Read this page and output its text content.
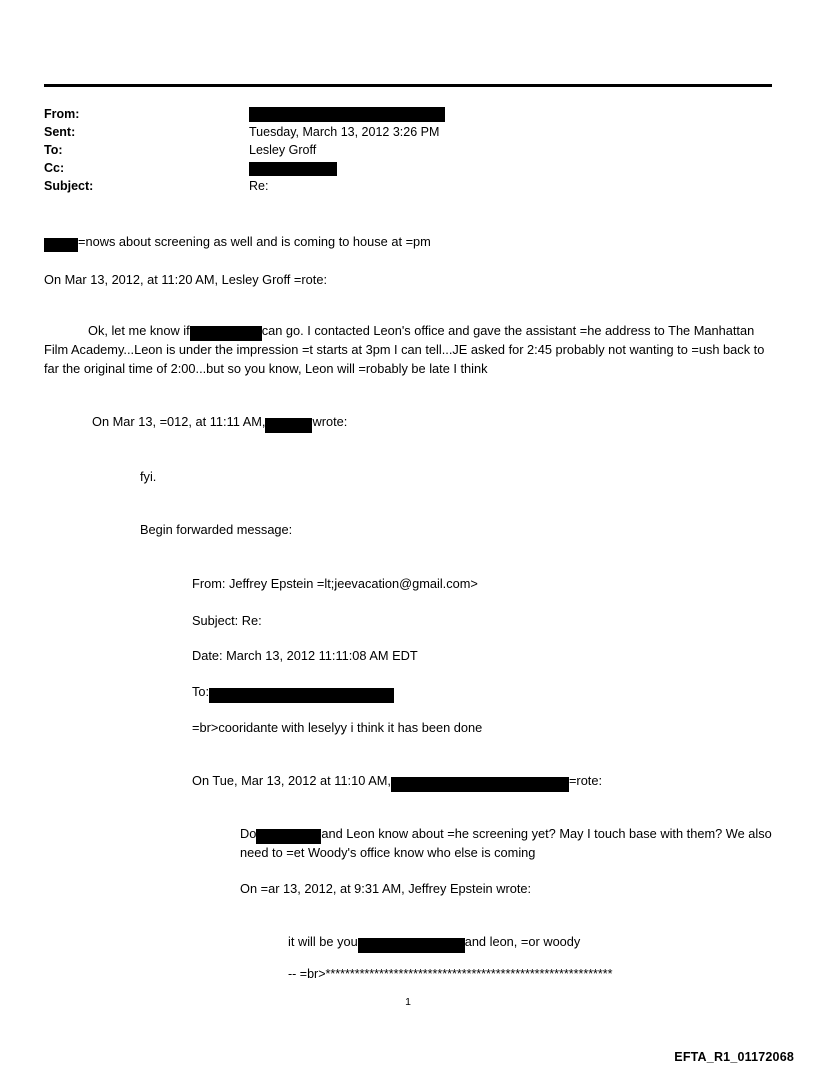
From:
Sent:	Tuesday, March 13, 2012 3:26 PM
To:	Lesley Groff
Cc:
Subject:	Re:
=nows about screening as well and is coming to house at =pm
On Mar 13, 2012, at 11:20 AM, Lesley Groff =rote:
Ok, let me know if	can go. I contacted Leon's office and gave the assistant =he address to The Manhattan Film Academy...Leon is under the impression =t starts at 3pm I can tell...JE asked for 2:45 probably not wanting to =ush back to far the original time of 2:00...but so you know, Leon will =robably be late I think
On Mar 13, =012, at 11:11 AM,	wrote:
fyi.
Begin forwarded message:
From: Jeffrey Epstein =lt;jeevacation@gmail.com>
Subject: Re:
Date: March 13, 2012 11:11:08 AM EDT
To:
=br>cooridante with leselyy i think it has been done
On Tue, Mar 13, 2012 at 11:10 AM,	=rote:
Do	and Leon know about =he screening yet? May I touch base with them? We also need to =et Woody's office know who else is coming
On =ar 13, 2012, at 9:31 AM, Jeffrey Epstein wrote:
it will be you	and leon, =or woody
-- =br>***********************************************************
1
EFTA_R1_01172068
